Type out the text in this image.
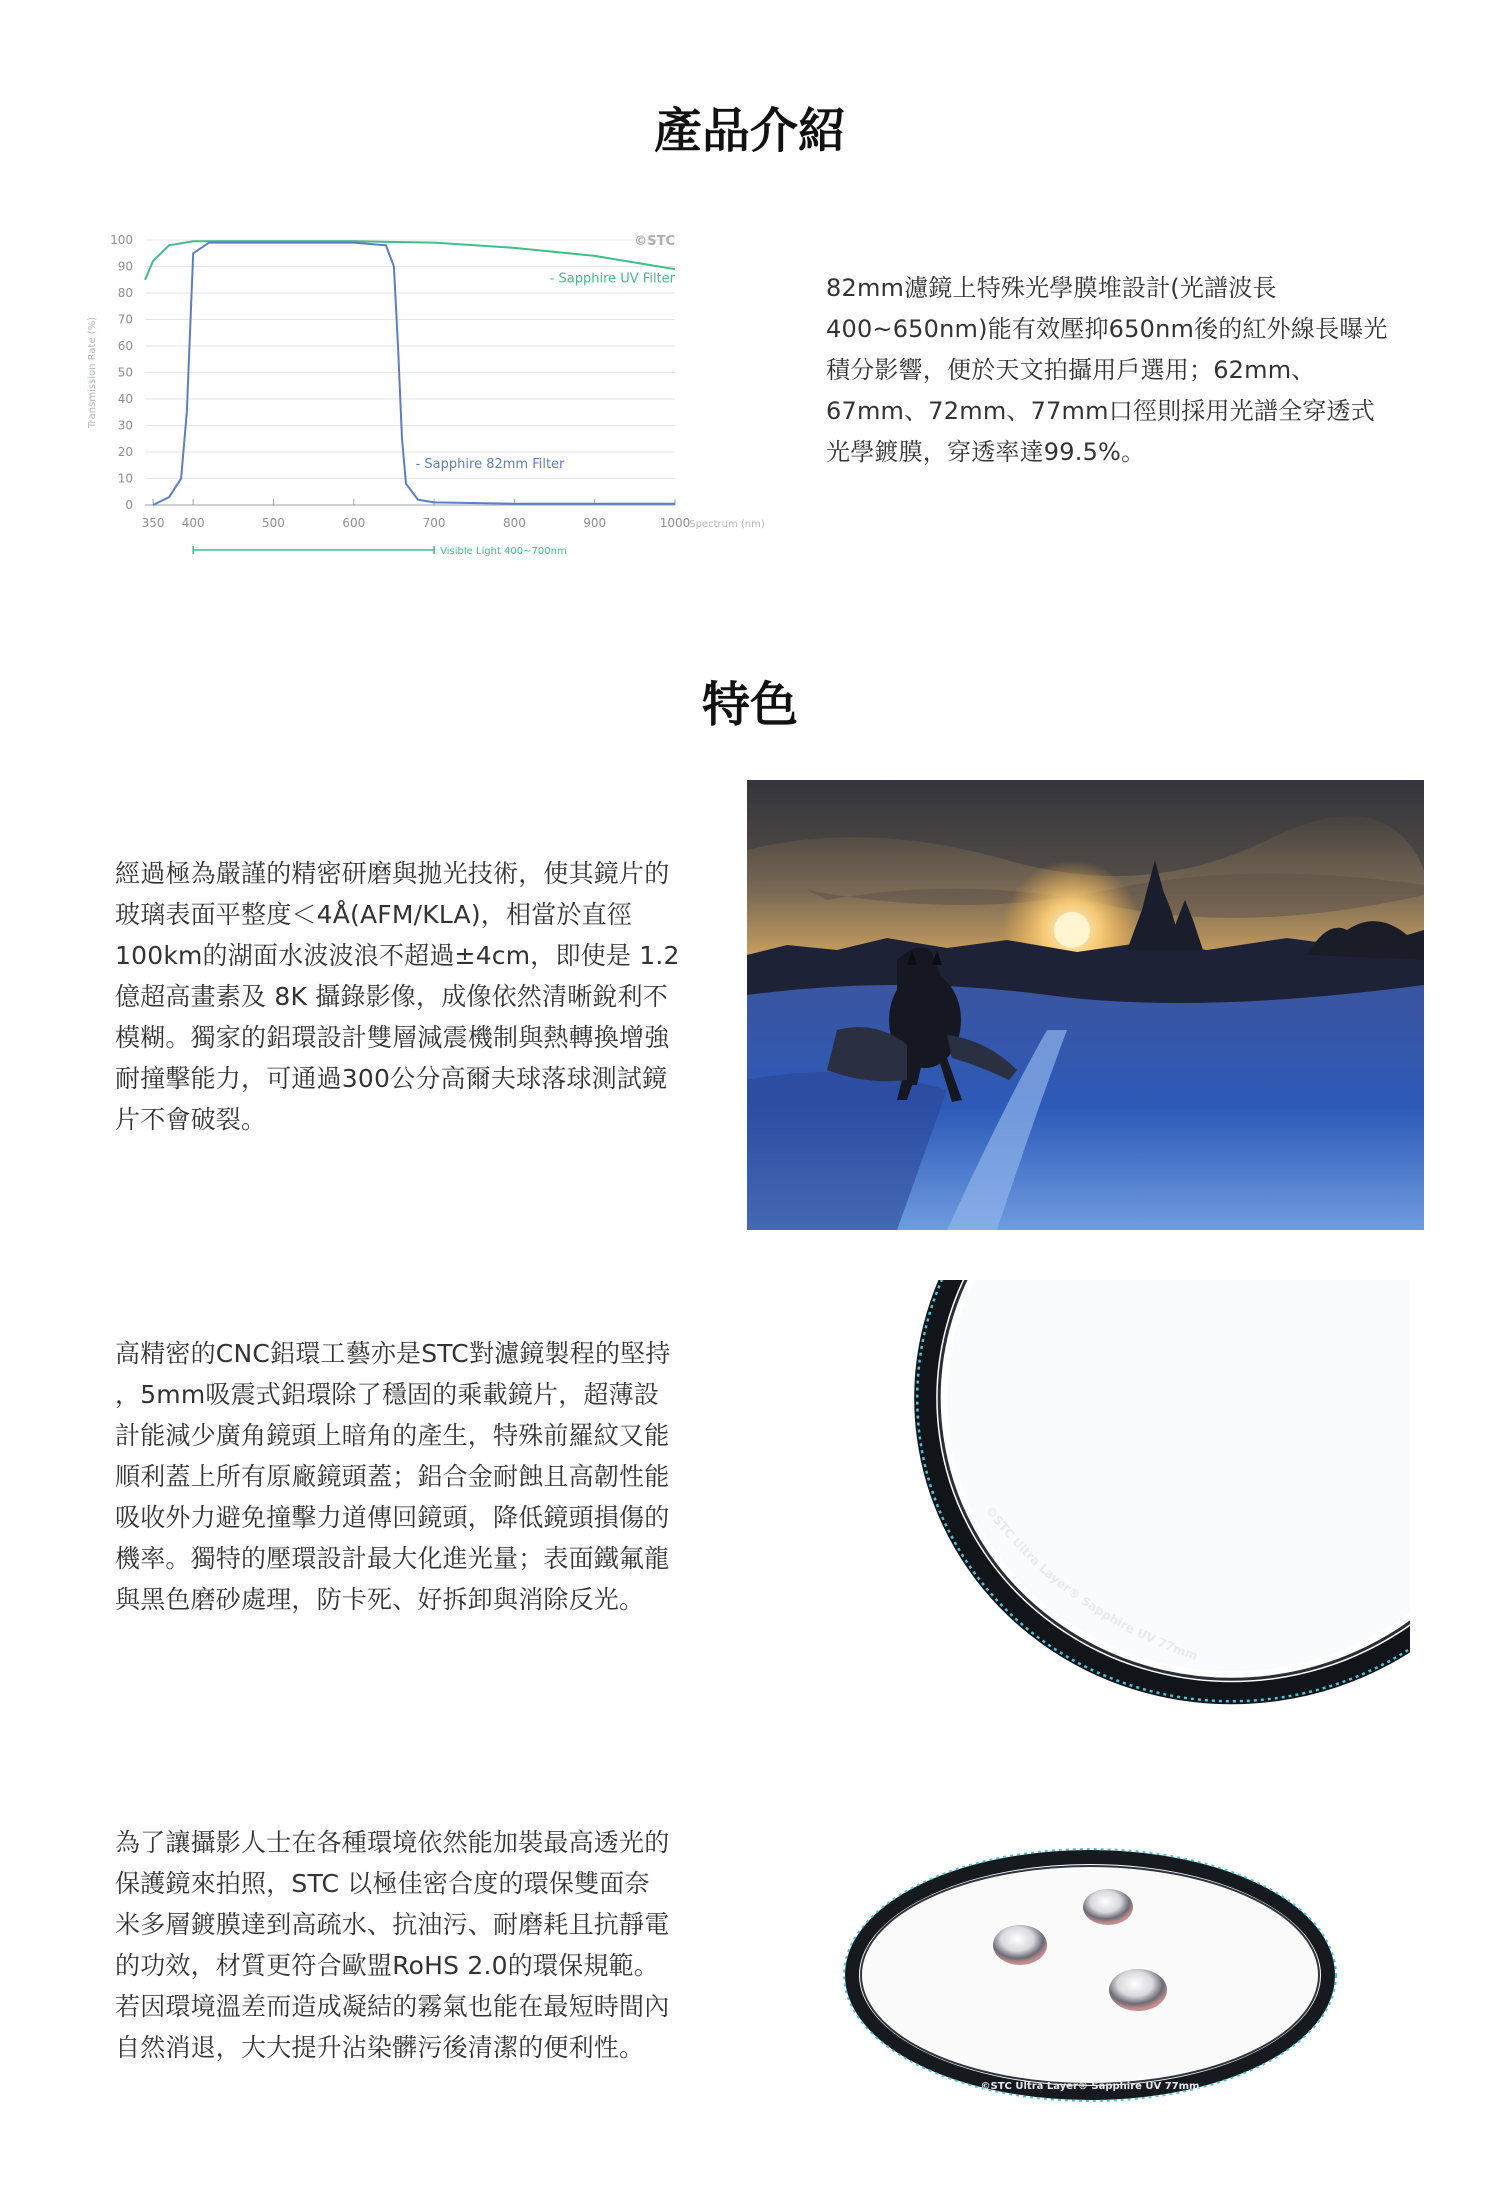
產品介紹
0
10
20
30
40
50
60
70
80
90
100
350 400	500	600	700	800	900	1000
Spectrum (nm)
Transmission Rate (%)
©STC
- Sapphire UV Filter
- Sapphire 82mm Filter
Visible Light 400~700nm
82mm濾鏡上特殊光學膜堆設計(光譜波長
400~650nm)能有效壓抑650nm後的紅外線長曝光
積分影響，便於天文拍攝用戶選用；62mm、
67mm、72mm、77mm口徑則採用光譜全穿透式
光學鍍膜，穿透率達99.5%。
特色
經過極為嚴謹的精密研磨與拋光技術，使其鏡片的
玻璃表面平整度＜4Å(AFM/KLA)，相當於直徑
100km的湖面水波波浪不超過±4cm，即使是 1.2
億超高畫素及 8K 攝錄影像，成像依然清晰銳利不
模糊。獨家的鋁環設計雙層減震機制與熱轉換增強
耐撞擊能力，可通過300公分高爾夫球落球測試鏡
片不會破裂。
高精密的CNC鋁環工藝亦是STC對濾鏡製程的堅持
，5mm吸震式鋁環除了穩固的乘載鏡片，超薄設
計能減少廣角鏡頭上暗角的產生，特殊前羅紋又能
順利蓋上所有原廠鏡頭蓋；鋁合金耐蝕且高韌性能
吸收外力避免撞擊力道傳回鏡頭，降低鏡頭損傷的
機率。獨特的壓環設計最大化進光量；表面鐵氟龍
與黑色磨砂處理，防卡死、好拆卸與消除反光。
©STC Ultra Layer® Sapphire UV 77mm
為了讓攝影人士在各種環境依然能加裝最高透光的
保護鏡來拍照，STC 以極佳密合度的環保雙面奈
米多層鍍膜達到高疏水、抗油污、耐磨耗且抗靜電
的功效，材質更符合歐盟RoHS 2.0的環保規範。
若因環境溫差而造成凝結的霧氣也能在最短時間內
自然消退，大大提升沾染髒污後清潔的便利性。
©STC Ultra Layer® Sapphire UV 77mm
